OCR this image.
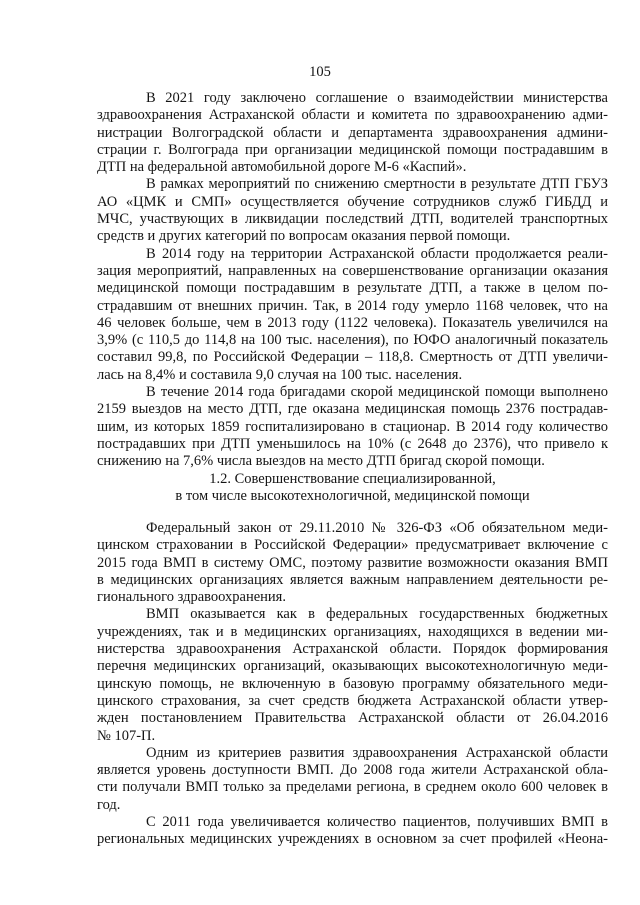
105
В 2021 году заключено соглашение о взаимодействии министерства
здравоохранения Астраханской области и комитета по здравоохранению адми-
нистрации Волгоградской области и департамента здравоохранения админи-
страции г. Волгограда при организации медицинской помощи пострадавшим в
ДТП на федеральной автомобильной дороге М-6 «Каспий».
В рамках мероприятий по снижению смертности в результате ДТП ГБУЗ
АО «ЦМК и СМП» осуществляется обучение сотрудников служб ГИБДД и
МЧС, участвующих в ликвидации последствий ДТП, водителей транспортных
средств и других категорий по вопросам оказания первой помощи.
В 2014 году на территории Астраханской области продолжается реали-
зация мероприятий, направленных на совершенствование организации оказания
медицинской помощи пострадавшим в результате ДТП, а также в целом по-
страдавшим от внешних причин. Так, в 2014 году умерло 1168 человек, что на
46 человек больше, чем в 2013 году (1122 человека). Показатель увеличился на
3,9% (с 110,5 до 114,8 на 100 тыс. населения), по ЮФО аналогичный показатель
составил 99,8, по Российской Федерации – 118,8. Смертность от ДТП увеличи-
лась на 8,4% и составила 9,0 случая на 100 тыс. населения.
В течение 2014 года бригадами скорой медицинской помощи выполнено
2159 выездов на место ДТП, где оказана медицинская помощь 2376 пострадав-
шим, из которых 1859 госпитализировано в стационар. В 2014 году количество
пострадавших при ДТП уменьшилось на 10% (с 2648 до 2376), что привело к
снижению на 7,6% числа выездов на место ДТП бригад скорой помощи.
1.2. Совершенствование специализированной,
в том числе высокотехнологичной, медицинской помощи
Федеральный закон от 29.11.2010 № 326-ФЗ «Об обязательном меди-
цинском страховании в Российской Федерации» предусматривает включение с
2015 года ВМП в систему ОМС, поэтому развитие возможности оказания ВМП
в медицинских организациях является важным направлением деятельности ре-
гионального здравоохранения.
ВМП оказывается как в федеральных государственных бюджетных
учреждениях, так и в медицинских организациях, находящихся в ведении ми-
нистерства здравоохранения Астраханской области. Порядок формирования
перечня медицинских организаций, оказывающих высокотехнологичную меди-
цинскую помощь, не включенную в базовую программу обязательного меди-
цинского страхования, за счет средств бюджета Астраханской области утвер-
жден постановлением Правительства Астраханской области от 26.04.2016
№ 107-П.
Одним из критериев развития здравоохранения Астраханской области
является уровень доступности ВМП. До 2008 года жители Астраханской обла-
сти получали ВМП только за пределами региона, в среднем около 600 человек в
год.
С 2011 года увеличивается количество пациентов, получивших ВМП в
региональных медицинских учреждениях в основном за счет профилей «Неона-
